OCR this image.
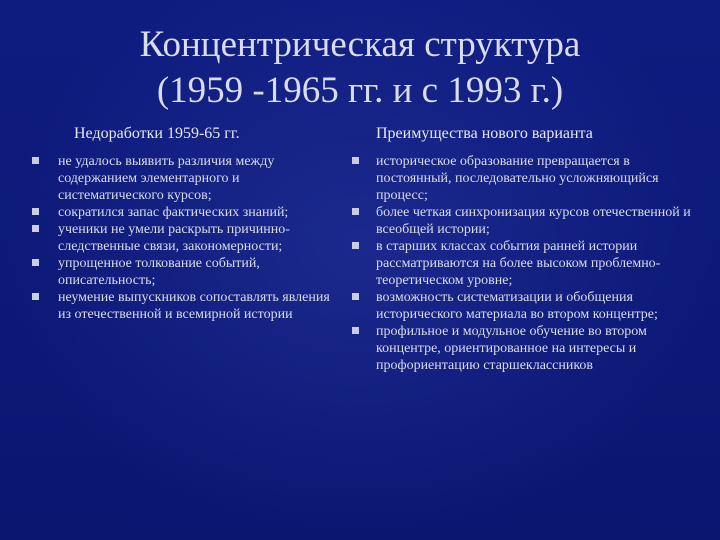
Концентрическая структура
(1959 -1965 гг. и с 1993 г.)
Недоработки 1959-65 гг.
не удалось выявить различия между содержанием элементарного и систематического курсов;
сократился запас фактических знаний;
ученики не умели раскрыть причинно-следственные связи, закономерности;
упрощенное толкование событий, описательность;
неумение выпускников сопоставлять явления из отечественной и всемирной истории
Преимущества нового варианта
историческое образование превращается в постоянный, последовательно усложняющийся процесс;
более четкая синхронизация курсов отечественной и всеобщей истории;
в старших классах события ранней истории рассматриваются на более высоком проблемно-теоретическом уровне;
возможность систематизации и обобщения исторического материала во втором концентре;
профильное и модульное обучение во втором концентре, ориентированное на интересы и профориентацию старшеклассников
